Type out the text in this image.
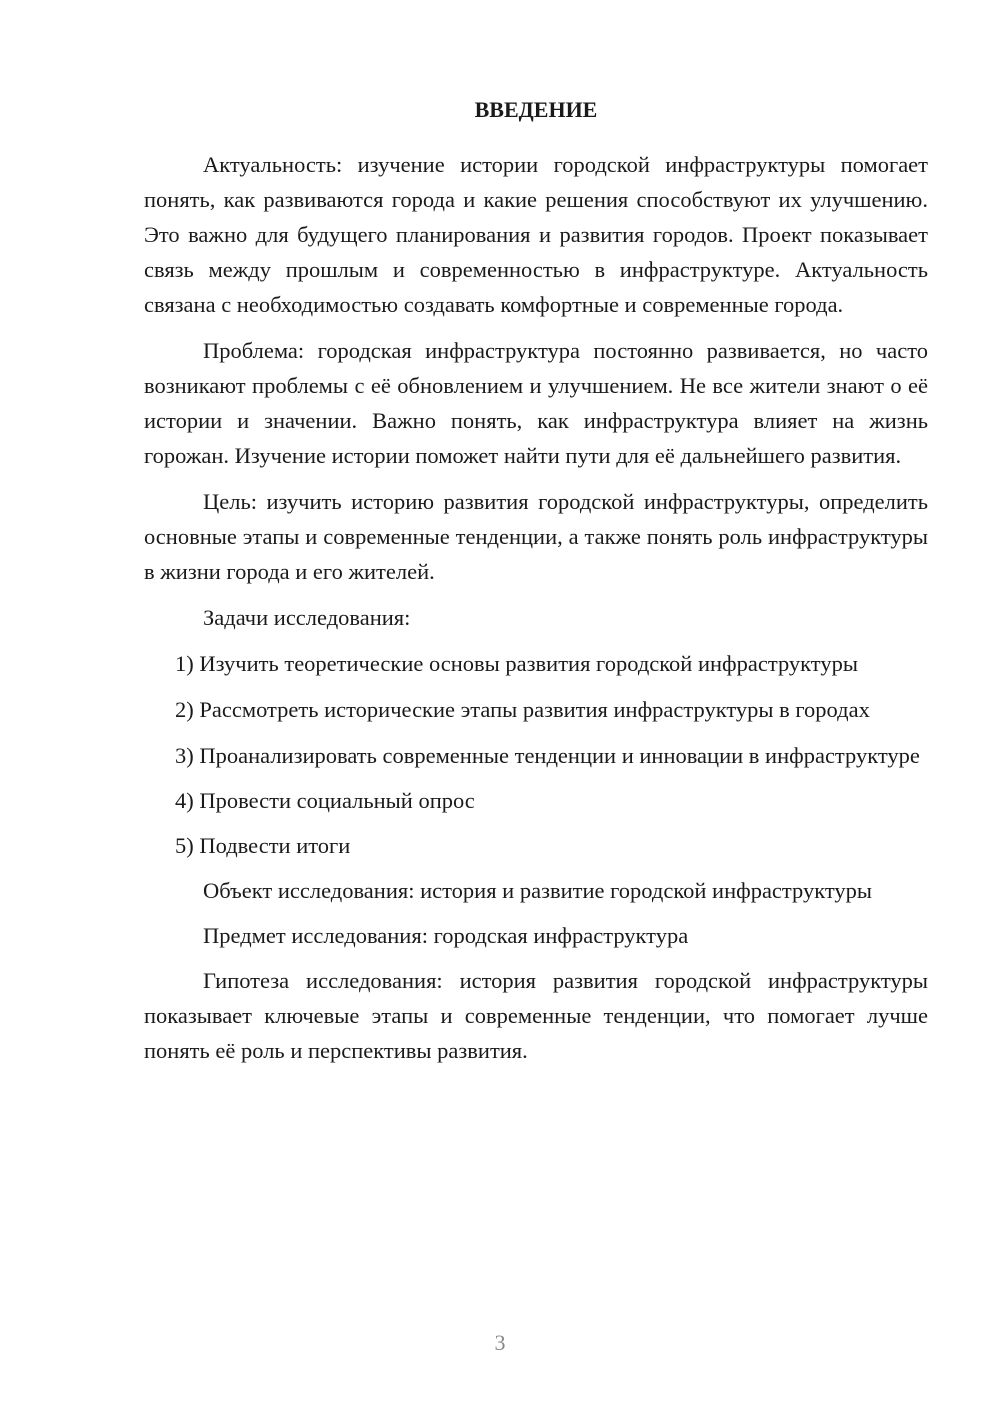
ВВЕДЕНИЕ

Актуальность: изучение истории городской инфраструктуры помогает понять, как развиваются города и какие решения способствуют их улучшению. Это важно для будущего планирования и развития городов. Проект показывает связь между прошлым и современностью в инфраструктуре. Актуальность связана с необходимостью создавать комфортные и современные города.

Проблема: городская инфраструктура постоянно развивается, но часто возникают проблемы с её обновлением и улучшением. Не все жители знают о её истории и значении. Важно понять, как инфраструктура влияет на жизнь горожан. Изучение истории поможет найти пути для её дальнейшего развития.

Цель: изучить историю развития городской инфраструктуры, определить основные этапы и современные тенденции, а также понять роль инфраструктуры в жизни города и его жителей.

Задачи исследования:

1) Изучить теоретические основы развития городской инфраструктуры

2) Рассмотреть исторические этапы развития инфраструктуры в городах

3) Проанализировать современные тенденции и инновации в инфраструктуре

4) Провести социальный опрос

5) Подвести итоги

Объект исследования: история и развитие городской инфраструктуры

Предмет исследования: городская инфраструктура

Гипотеза исследования: история развития городской инфраструктуры показывает ключевые этапы и современные тенденции, что помогает лучше понять её роль и перспективы развития.

3
